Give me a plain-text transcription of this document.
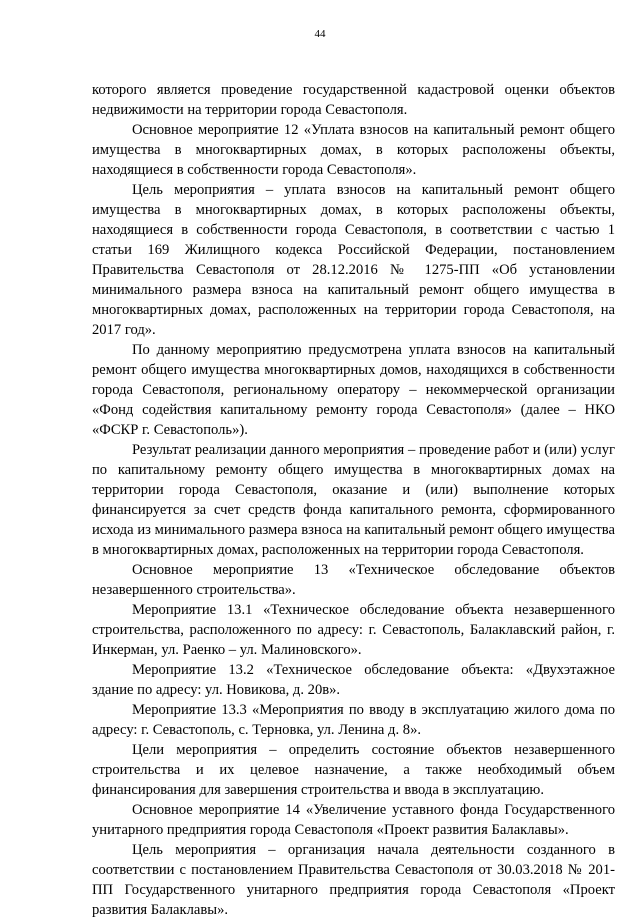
44

которого является проведение государственной кадастровой оценки объектов недвижимости на территории города Севастополя.

Основное мероприятие 12 «Уплата взносов на капитальный ремонт общего имущества в многоквартирных домах, в которых расположены объекты, находящиеся в собственности города Севастополя».

Цель мероприятия – уплата взносов на капитальный ремонт общего имущества в многоквартирных домах, в которых расположены объекты, находящиеся в собственности города Севастополя, в соответствии с частью 1 статьи 169 Жилищного кодекса Российской Федерации, постановлением Правительства Севастополя от 28.12.2016 № 1275-ПП «Об установлении минимального размера взноса на капитальный ремонт общего имущества в многоквартирных домах, расположенных на территории города Севастополя, на 2017 год».

По данному мероприятию предусмотрена уплата взносов на капитальный ремонт общего имущества многоквартирных домов, находящихся в собственности города Севастополя, региональному оператору – некоммерческой организации «Фонд содействия капитальному ремонту города Севастополя» (далее – НКО «ФСКР г. Севастополь»).

Результат реализации данного мероприятия – проведение работ и (или) услуг по капитальному ремонту общего имущества в многоквартирных домах на территории города Севастополя, оказание и (или) выполнение которых финансируется за счет средств фонда капитального ремонта, сформированного исхода из минимального размера взноса на капитальный ремонт общего имущества в многоквартирных домах, расположенных на территории города Севастополя.

Основное мероприятие 13 «Техническое обследование объектов незавершенного строительства».

Мероприятие 13.1 «Техническое обследование объекта незавершенного строительства, расположенного по адресу: г. Севастополь, Балаклавский район, г. Инкерман, ул. Раенко – ул. Малиновского».

Мероприятие 13.2 «Техническое обследование объекта: «Двухэтажное здание по адресу: ул. Новикова, д. 20в».

Мероприятие 13.3 «Мероприятия по вводу в эксплуатацию жилого дома по адресу: г. Севастополь, с. Терновка, ул. Ленина д. 8».

Цели мероприятия – определить состояние объектов незавершенного строительства и их целевое назначение, а также необходимый объем финансирования для завершения строительства и ввода в эксплуатацию.

Основное мероприятие 14 «Увеличение уставного фонда Государственного унитарного предприятия города Севастополя «Проект развития Балаклавы».

Цель мероприятия – организация начала деятельности созданного в соответствии с постановлением Правительства Севастополя от 30.03.2018 № 201-ПП Государственного унитарного предприятия города Севастополя «Проект развития Балаклавы».
